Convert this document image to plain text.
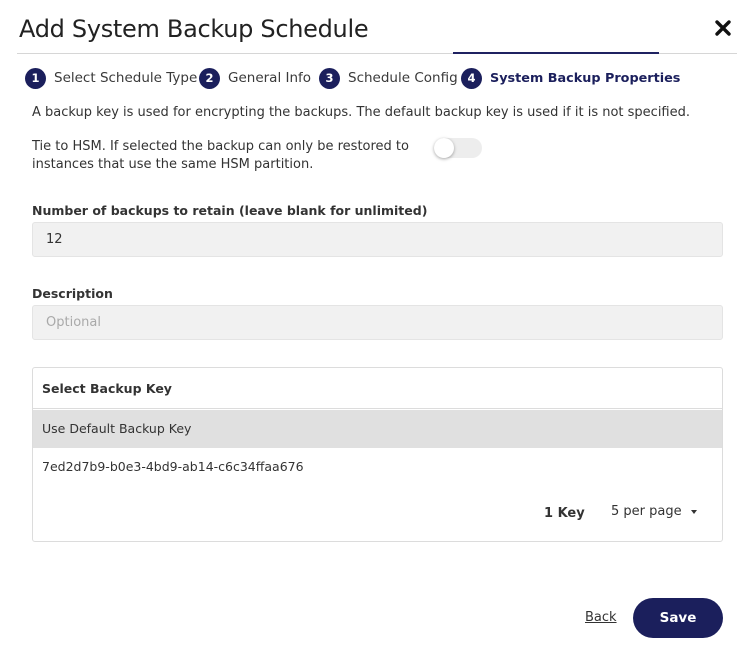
Add System Backup Schedule
1	Select Schedule Type 2	General Info	3	Schedule Config 4	System Backup Properties
A backup key is used for encrypting the backups. The default backup key is used if it is not specified.
Tie to HSM. If selected the backup can only be restored to
instances that use the same HSM partition.
Number of backups to retain (leave blank for unlimited)
12
Description
Optional
Select Backup Key
Use Default Backup Key
7ed2d7b9-b0e3-4bd9-ab14-c6c34ffaa676
1 Key 5 per page
Back	Save
